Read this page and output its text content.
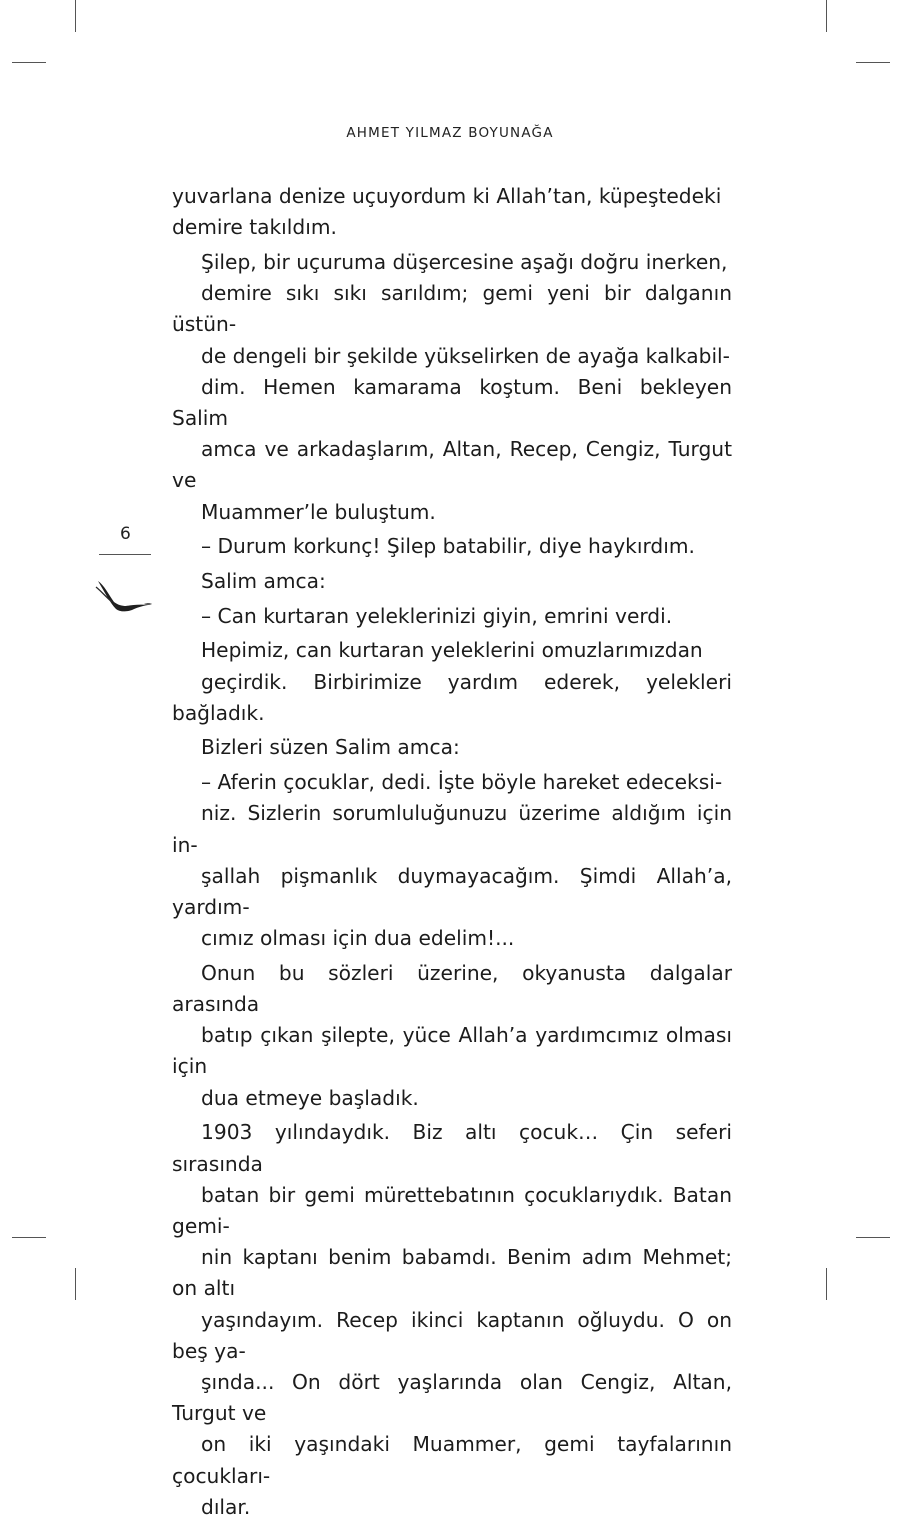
AHMET YILMAZ BOYUNAĞA
6

yuvarlana denize uçuyordum ki Allah’tan, küpeştedeki
demire takıldım.

Şilep, bir uçuruma düşercesine aşağı doğru inerken,
demire sıkı sıkı sarıldım; gemi yeni bir dalganın üstün-
de dengeli bir şekilde yükselirken de ayağa kalkabil-
dim. Hemen kamarama koştum. Beni bekleyen Salim
amca ve arkadaşlarım, Altan, Recep, Cengiz, Turgut ve
Muammer’le buluştum.

– Durum korkunç! Şilep batabilir, diye haykırdım.

Salim amca:

– Can kurtaran yeleklerinizi giyin, emrini verdi.

Hepimiz, can kurtaran yeleklerini omuzlarımızdan
geçirdik. Birbirimize yardım ederek, yelekleri bağladık.

Bizleri süzen Salim amca:

– Aferin çocuklar, dedi. İşte böyle hareket edeceksi-
niz. Sizlerin sorumluluğunuzu üzerime aldığım için in-
şallah pişmanlık duymayacağım. Şimdi Allah’a, yardım-
cımız olması için dua edelim!...

Onun bu sözleri üzerine, okyanusta dalgalar arasında
batıp çıkan şilepte, yüce Allah’a yardımcımız olması için
dua etmeye başladık.

1903 yılındaydık. Biz altı çocuk… Çin seferi sırasında
batan bir gemi mürettebatının çocuklarıydık. Batan gemi-
nin kaptanı benim babamdı. Benim adım Mehmet; on altı
yaşındayım. Recep ikinci kaptanın oğluydu. O on beş ya-
şında... On dört yaşlarında olan Cengiz, Altan, Turgut ve
on iki yaşındaki Muammer, gemi tayfalarının çocukları-
dılar.
